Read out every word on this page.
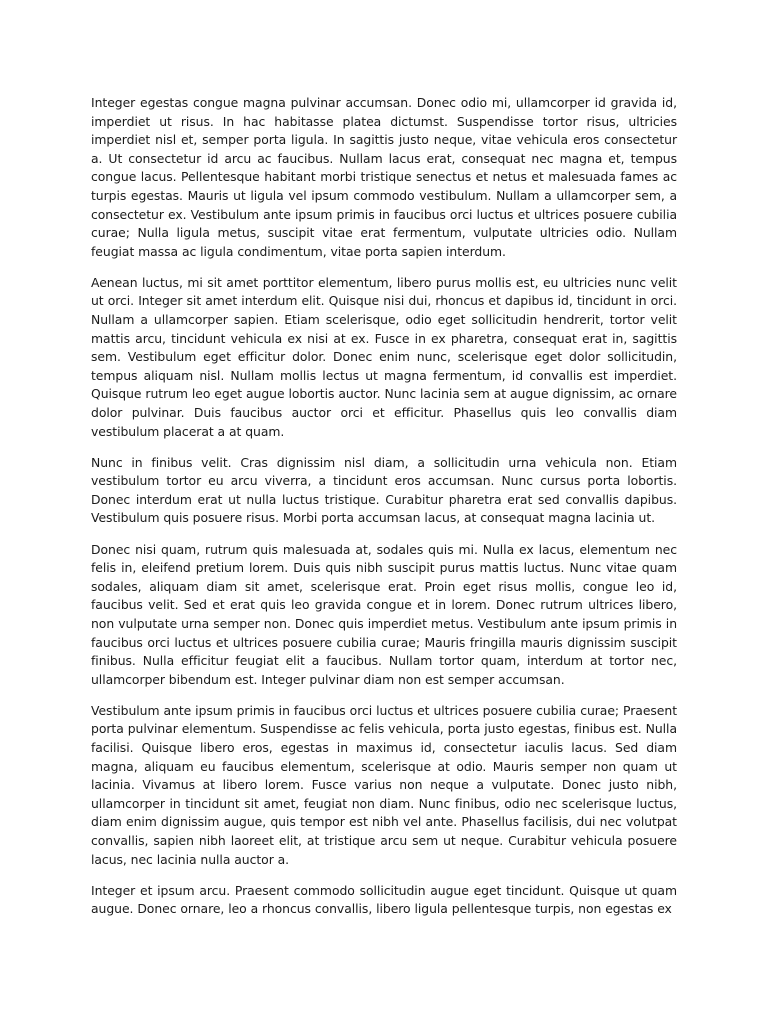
Integer egestas congue magna pulvinar accumsan. Donec odio mi, ullamcorper id gravida id, imperdiet ut risus. In hac habitasse platea dictumst. Suspendisse tortor risus, ultricies imperdiet nisl et, semper porta ligula. In sagittis justo neque, vitae vehicula eros consectetur a. Ut consectetur id arcu ac faucibus. Nullam lacus erat, consequat nec magna et, tempus congue lacus. Pellentesque habitant morbi tristique senectus et netus et malesuada fames ac turpis egestas. Mauris ut ligula vel ipsum commodo vestibulum. Nullam a ullamcorper sem, a consectetur ex. Vestibulum ante ipsum primis in faucibus orci luctus et ultrices posuere cubilia curae; Nulla ligula metus, suscipit vitae erat fermentum, vulputate ultricies odio. Nullam feugiat massa ac ligula condimentum, vitae porta sapien interdum.

Aenean luctus, mi sit amet porttitor elementum, libero purus mollis est, eu ultricies nunc velit ut orci. Integer sit amet interdum elit. Quisque nisi dui, rhoncus et dapibus id, tincidunt in orci. Nullam a ullamcorper sapien. Etiam scelerisque, odio eget sollicitudin hendrerit, tortor velit mattis arcu, tincidunt vehicula ex nisi at ex. Fusce in ex pharetra, consequat erat in, sagittis sem. Vestibulum eget efficitur dolor. Donec enim nunc, scelerisque eget dolor sollicitudin, tempus aliquam nisl. Nullam mollis lectus ut magna fermentum, id convallis est imperdiet. Quisque rutrum leo eget augue lobortis auctor. Nunc lacinia sem at augue dignissim, ac ornare dolor pulvinar. Duis faucibus auctor orci et efficitur. Phasellus quis leo convallis diam vestibulum placerat a at quam.

Nunc in finibus velit. Cras dignissim nisl diam, a sollicitudin urna vehicula non. Etiam vestibulum tortor eu arcu viverra, a tincidunt eros accumsan. Nunc cursus porta lobortis. Donec interdum erat ut nulla luctus tristique. Curabitur pharetra erat sed convallis dapibus. Vestibulum quis posuere risus. Morbi porta accumsan lacus, at consequat magna lacinia ut.

Donec nisi quam, rutrum quis malesuada at, sodales quis mi. Nulla ex lacus, elementum nec felis in, eleifend pretium lorem. Duis quis nibh suscipit purus mattis luctus. Nunc vitae quam sodales, aliquam diam sit amet, scelerisque erat. Proin eget risus mollis, congue leo id, faucibus velit. Sed et erat quis leo gravida congue et in lorem. Donec rutrum ultrices libero, non vulputate urna semper non. Donec quis imperdiet metus. Vestibulum ante ipsum primis in faucibus orci luctus et ultrices posuere cubilia curae; Mauris fringilla mauris dignissim suscipit finibus. Nulla efficitur feugiat elit a faucibus. Nullam tortor quam, interdum at tortor nec, ullamcorper bibendum est. Integer pulvinar diam non est semper accumsan.

Vestibulum ante ipsum primis in faucibus orci luctus et ultrices posuere cubilia curae; Praesent porta pulvinar elementum. Suspendisse ac felis vehicula, porta justo egestas, finibus est. Nulla facilisi. Quisque libero eros, egestas in maximus id, consectetur iaculis lacus. Sed diam magna, aliquam eu faucibus elementum, scelerisque at odio. Mauris semper non quam ut lacinia. Vivamus at libero lorem. Fusce varius non neque a vulputate. Donec justo nibh, ullamcorper in tincidunt sit amet, feugiat non diam. Nunc finibus, odio nec scelerisque luctus, diam enim dignissim augue, quis tempor est nibh vel ante. Phasellus facilisis, dui nec volutpat convallis, sapien nibh laoreet elit, at tristique arcu sem ut neque. Curabitur vehicula posuere lacus, nec lacinia nulla auctor a.

Integer et ipsum arcu. Praesent commodo sollicitudin augue eget tincidunt. Quisque ut quam augue. Donec ornare, leo a rhoncus convallis, libero ligula pellentesque turpis, non egestas ex
